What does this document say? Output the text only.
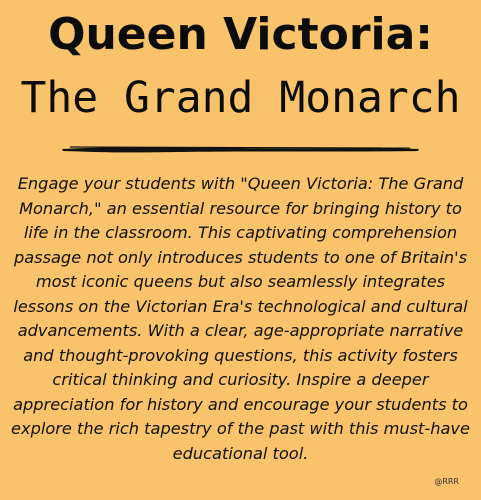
Queen Victoria:
The Grand Monarch
Engage your students with "Queen Victoria: The Grand Monarch," an essential resource for bringing history to life in the classroom. This captivating comprehension passage not only introduces students to one of Britain's most iconic queens but also seamlessly integrates lessons on the Victorian Era's technological and cultural advancements. With a clear, age-appropriate narrative and thought-provoking questions, this activity fosters critical thinking and curiosity. Inspire a deeper appreciation for history and encourage your students to explore the rich tapestry of the past with this must-have educational tool.
@RRR
